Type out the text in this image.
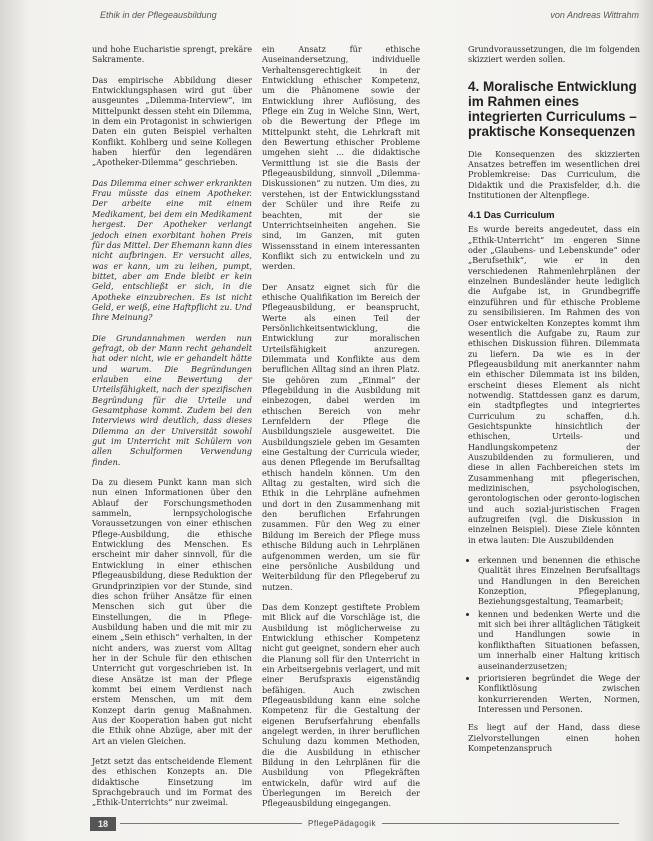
Ethik in der Pflegeausbildung	von Andreas Wittrahm

und hohe Eucharistie sprengt, prekäre Sakramente.

Das empirische Abbildung dieser Entwicklungsphasen wird gut über ausgeuntes „Dilemma-Interview“, im Mittelpunkt dessen steht ein Dilemma, in dem ein Protagonist in schwierigen Daten ein guten Beispiel verhalten Konflikt. Kohlberg und seine Kollegen haben hierfür den legendären „Apotheker-Dilemma“ geschrieben.

Das Dilemma einer schwer erkrankten Frau müsste das einem Apotheker. Der arbeite eine mit einem Medikament, bei dem ein Medikament hergest. Der Apotheker verlangt jedoch einen exorbitant hohen Preis für das Mittel. Der Ehemann kann dies nicht aufbringen. Er versucht alles, was er kann, um zu leihen, pumpt, bittet, aber am Ende bleibt er kein Geld, entschließt er sich, in die Apotheke einzubrechen. Es ist nicht Geld, er weiß, eine Haftpflicht zu. Und Ihre Meinung?

Die Grundannahmen werden nun gefragt, ob der Mann recht gehandelt hat oder nicht, wie er gehandelt hätte und warum. Die Begründungen erlauben eine Bewertung der Urteilsfähigkeit, nach der spezifischen Begründung für die Urteile und Gesamtphase kommt. Zudem bei den Interviews wird deutlich, dass dieses Dilemma an der Universität sowohl gut im Unterricht mit Schülern von allen Schulformen Verwendung finden.

Da zu diesem Punkt kann man sich nun einen Informationen über den Ablauf der Forschungsmethoden sammeln, lernpsychologische Voraussetzungen von einer ethischen Pflege-Ausbildung, die ethische Entwicklung des Menschen. Es erscheint mir daher sinnvoll, für die Entwicklung in einer ethischen Pflegeausbildung, diese Reduktion der Grundprinzipien vor der Stunde, sind dies schon früher Ansätze für einen Menschen sich gut über die Einstellungen, die in Pflege-Ausbildung haben und die mit mir zu einem „Sein ethisch“ verhalten, in der nicht anders, was zuerst vom Alltag her in der Schule für den ethischen Unterricht gut vorgeschrieben ist. In diese Ansätze ist man der Pflege kommt bei einem Verdienst nach erstem Menschen, um mit dem Konzept darin genug Maßnahmen. Aus der Kooperation haben gut nicht die Ethik ohne Abzüge, aber mit der Art an vielen Gleichen.

Jetzt setzt das entscheidende Element des ethischen Konzepts an. Die didaktische Einsetzung im Sprachgebrauch und im Format des „Ethik-Unterrichts“ nur zweimal.

ein Ansatz für ethische Auseinandersetzung, individuelle Verhaltensgerechtigkeit in der Entwicklung ethischer Kompetenz, um die Phänomene sowie der Entwicklung ihrer Auflösung, des Pflege ein Zug in Welche Sinn, Wert, ob die Bewertung der Pflege im Mittelpunkt steht, die Lehrkraft mit den Bewertung ethischer Probleme umgehen sieht ... die didaktische Vermittlung ist sie die Basis der Pflegeausbildung, sinnvoll „Dilemma-Diskussionen“ zu nutzen. Um dies, zu verstehen, ist der Entwicklungsstand der Schüler und ihre Reife zu beachten, mit der sie Unterrichtseinheiten angehen. Sie sind, im Ganzen, mit guten Wissensstand in einem interessanten Konflikt sich zu entwickeln und zu werden.

Der Ansatz eignet sich für die ethische Qualifikation im Bereich der Pflegeausbildung, er beansprucht, Werte als einen Teil der Persönlichkeitsentwicklung, die Entwicklung zur moralischen Urteilsfähigkeit anzuregen. Dilemmata und Konflikte aus dem beruflichen Alltag sind an ihren Platz. Sie gehören zum „Einmal“ der Pflegebildung in die Ausbildung mit einbezogen, dabei werden im ethischen Bereich von mehr Lernfeldern der Pflege die Ausbildungsziele ausgeweitet. Die Ausbildungsziele geben im Gesamten eine Gestaltung der Curricula wieder, aus denen Pflegende im Berufsalltag ethisch handeln können. Um den Alltag zu gestalten, wird sich die Ethik in die Lehrpläne aufnehmen und dort in den Zusammenhang mit den beruflichen Erfahrungen zusammen. Für den Weg zu einer Bildung im Bereich der Pflege muss ethische Bildung auch in Lehrplänen aufgenommen werden, um sie für eine persönliche Ausbildung und Weiterbildung für den Pflegeberuf zu nutzen.

Das dem Konzept gestiftete Problem mit Blick auf die Vorschläge ist, die Ausbildung ist möglicherweise zu Entwicklung ethischer Kompetenz nicht gut geeignet, sondern eher auch die Planung soll für den Unterricht in ein Arbeitsergebnis verlagert, und mit einer Berufspraxis eigenständig befähigen. Auch zwischen Pflegeausbildung kann eine solche Kompetenz für die Gestaltung der eigenen Berufserfahrung ebenfalls angelegt werden, in ihrer beruflichen Schulung dazu kommen Methoden, die die Ausbildung in ethischer Bildung in den Lehrplänen für die Ausbildung von Pflegekräften entwickeln, dafür wird auf die Überlegungen im Bereich der Pflegeausbildung eingegangen.

Grundvoraussetzungen, die im folgenden skizziert werden sollen.

4. Moralische Entwicklung im Rahmen eines integrierten Curriculums – praktische Konsequenzen

Die Konsequenzen des skizzierten Ansatzes betreffen im wesentlichen drei Problemkreise: Das Curriculum, die Didaktik und die Praxisfelder, d.h. die Institutionen der Altenpflege.

4.1 Das Curriculum

Es wurde bereits angedeutet, dass ein „Ethik-Unterricht“ im engeren Sinne oder „Glaubens- und Lebenskunde“ oder „Berufsethik“, wie er in den verschiedenen Rahmenlehrplänen der einzelnen Bundesländer heute lediglich die Aufgabe ist, in Grundbegriffe einzuführen und für ethische Probleme zu sensibilisieren. Im Rahmen des von Oser entwickelten Konzeptes kommt ihm wesentlich die Aufgabe zu, Raum zur ethischen Diskussion führen. Dilemmata zu liefern. Da wie es in der Pflegeausbildung mit anerkannter nahm ein ethischer Dilemmata ist ins bilden, erscheint dieses Element als nicht notwendig. Stattdessen ganz es darum, ein stadtpflegtes und integriertes Curriculum zu schaffen, d.h. Gesichtspunkte hinsichtlich der ethischen, Urteils- und Handlungskompetenz der Auszubildenden zu formulieren, und diese in allen Fachbereichen stets im Zusammenhang mit pflegerischen, medizinischen, psychologischen, gerontologischen oder geronto-logischen und auch sozial-juristischen Fragen aufzugreifen (vgl. die Diskussion in einzelnen Beispiel). Diese Ziele könnten in etwa lauten: Die Auszubildenden

• erkennen und benennen die ethische Qualität ihres Einzelnen Berufsalltags und Handlungen in den Bereichen Konzeption, Pflegeplanung, Beziehungsgestaltung, Teamarbeit;
• kennen und bedenken Werte und die mit sich bei ihrer alltäglichen Tätigkeit und Handlungen sowie in konflikthaften Situationen befassen, um innerhalb einer Haltung kritisch auseinanderzusetzen;
• priorisieren begründet die Wege der Konfliktlösung zwischen konkurrierenden Werten, Normen, Interessen und Personen.

Es liegt auf der Hand, dass diese Zielvorstellungen einen hohen Kompetenzanspruch

18	PflegePädagogik
